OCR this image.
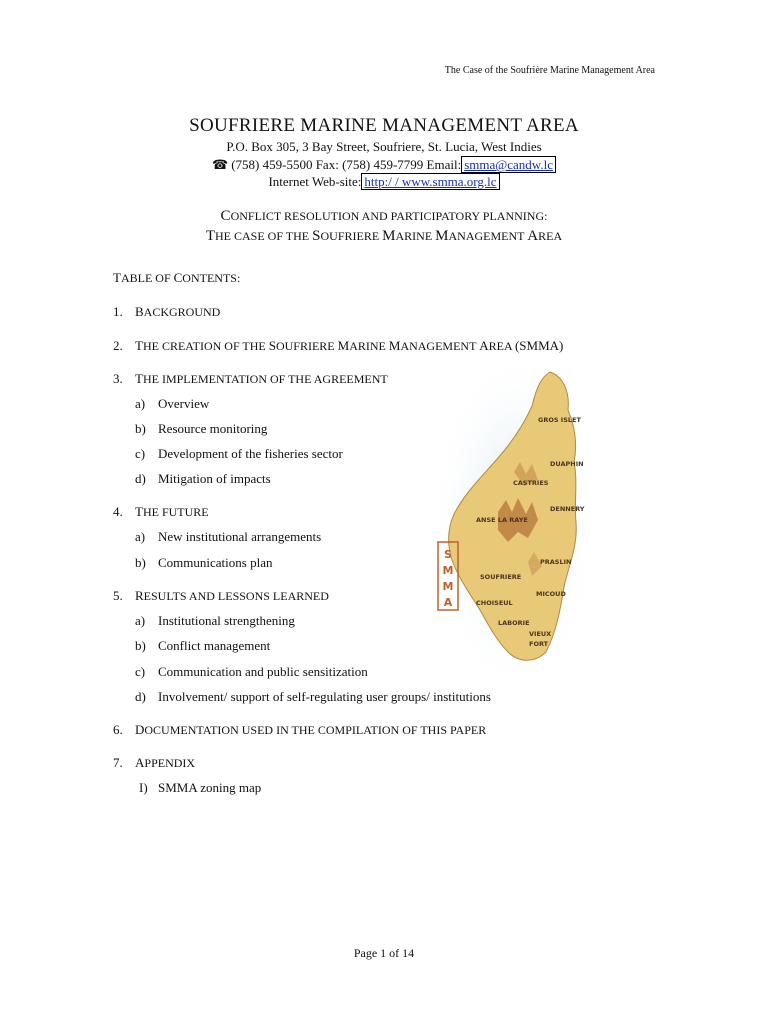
The Case of the Soufrière Marine Management Area
SOUFRIERE MARINE MANAGEMENT AREA
P.O. Box 305, 3 Bay Street, Soufriere, St. Lucia, West Indies
☎ (758) 459-5500 Fax: (758) 459-7799 Email: smma@candw.lc
Internet Web-site: http:/ / www.smma.org.lc
CONFLICT RESOLUTION AND PARTICIPATORY PLANNING:
THE CASE OF THE SOUFRIERE MARINE MANAGEMENT AREA
TABLE OF CONTENTS:
1. BACKGROUND
2. THE CREATION OF THE SOUFRIERE MARINE MANAGEMENT AREA (SMMA)
3. THE IMPLEMENTATION OF THE AGREEMENT
a) Overview
b) Resource monitoring
c) Development of the fisheries sector
d) Mitigation of impacts
4. THE FUTURE
a) New institutional arrangements
b) Communications plan
5. RESULTS AND LESSONS LEARNED
a) Institutional strengthening
b) Conflict management
c) Communication and public sensitization
d) Involvement/ support of self-regulating user groups/ institutions
6. DOCUMENTATION USED IN THE COMPILATION OF THIS PAPER
7. APPENDIX
I) SMMA zoning map
S
M
M
A
GROS ISLET
DUAPHIN
CASTRIES
DENNERY
ANSE LA RAYE
PRASLIN
SOUFRIERE
MICOUD
CHOISEUL
LABORIE
VIEUX
FORT
Page 1 of 14
